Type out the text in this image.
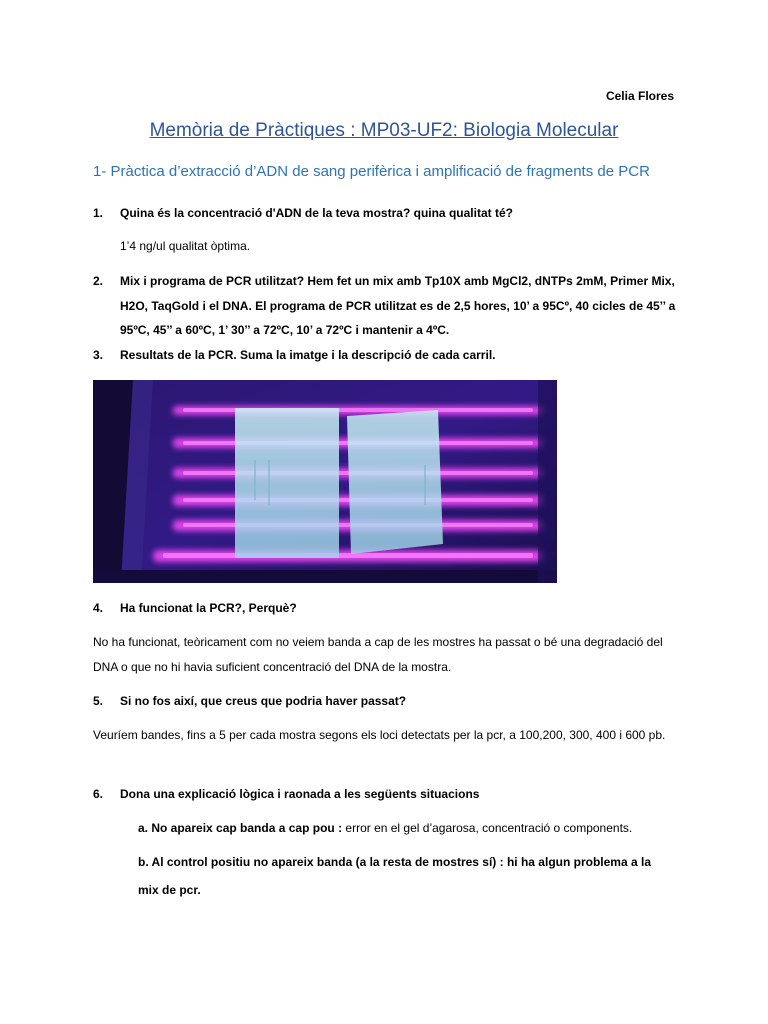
Celia Flores
Memòria de Pràctiques : MP03-UF2: Biologia Molecular
1- Pràctica d’extracció d’ADN de sang perifèrica i amplificació de fragments de PCR
1. Quina és la concentració d'ADN de la teva mostra? quina qualitat té?
1’4 ng/ul qualitat òptima.
2. Mix i programa de PCR utilitzat? Hem fet un mix amb Tp10X amb MgCl2, dNTPs 2mM, Primer Mix, H2O, TaqGold i el DNA. El programa de PCR utilitzat es de 2,5 hores, 10’ a 95Cº, 40 cicles de 45’’ a 95ºC, 45’’ a 60ºC, 1’ 30’’ a 72ºC, 10’ a 72ºC i mantenir a 4ºC.
3. Resultats de la PCR. Suma la imatge i la descripció de cada carril.
4. Ha funcionat la PCR?, Perquè?
No ha funcionat, teòricament com no veiem banda a cap de les mostres ha passat o bé una degradació del DNA o que no hi havia suficient concentració del DNA de la mostra.
5. Si no fos així, que creus que podria haver passat?
Veuríem bandes, fins a 5 per cada mostra segons els loci detectats per la pcr, a 100,200, 300, 400 i 600 pb.
6. Dona una explicació lògica i raonada a les següents situacions
a. No apareix cap banda a cap pou : error en el gel d’agarosa, concentració o components.
b. Al control positiu no apareix banda (a la resta de mostres sí) : hi ha algun problema a la mix de pcr.
